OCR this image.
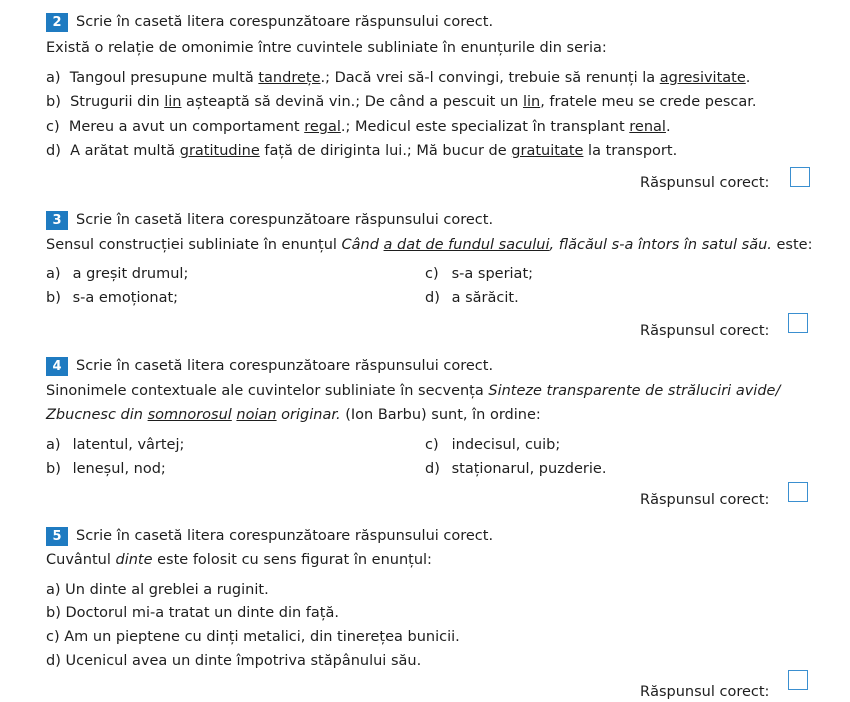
2 Scrie în casetă litera corespunzătoare răspunsului corect.
Există o relație de omonimie între cuvintele subliniate în enunțurile din seria:
a) Tangoul presupune multă tandrețe.; Dacă vrei să-l convingi, trebuie să renunți la agresivitate.
b) Strugurii din lin așteaptă să devină vin.; De când a pescuit un lin, fratele meu se crede pescar.
c) Mereu a avut un comportament regal.; Medicul este specializat în transplant renal.
d) A arătat multă gratitudine față de diriginta lui.; Mă bucur de gratuitate la transport.
Răspunsul corect:
3 Scrie în casetă litera corespunzătoare răspunsului corect.
Sensul construcției subliniate în enunțul Când a dat de fundul sacului, flăcăul s-a întors în satul său. este:
a) a greșit drumul;	c) s-a speriat;
b) s-a emoționat;	d) a sărăcit.
Răspunsul corect:
4 Scrie în casetă litera corespunzătoare răspunsului corect.
Sinonimele contextuale ale cuvintelor subliniate în secvența Sinteze transparente de străluciri avide/
Zbucnesc din somnorosul noian originar. (Ion Barbu) sunt, în ordine:
a) latentul, vârtej;	c) indecisul, cuib;
b) leneșul, nod;	d) staționarul, puzderie.
Răspunsul corect:
5 Scrie în casetă litera corespunzătoare răspunsului corect.
Cuvântul dinte este folosit cu sens figurat în enunțul:
a) Un dinte al greblei a ruginit.
b) Doctorul mi-a tratat un dinte din față.
c) Am un pieptene cu dinți metalici, din tinerețea bunicii.
d) Ucenicul avea un dinte împotriva stăpânului său.
Răspunsul corect:
